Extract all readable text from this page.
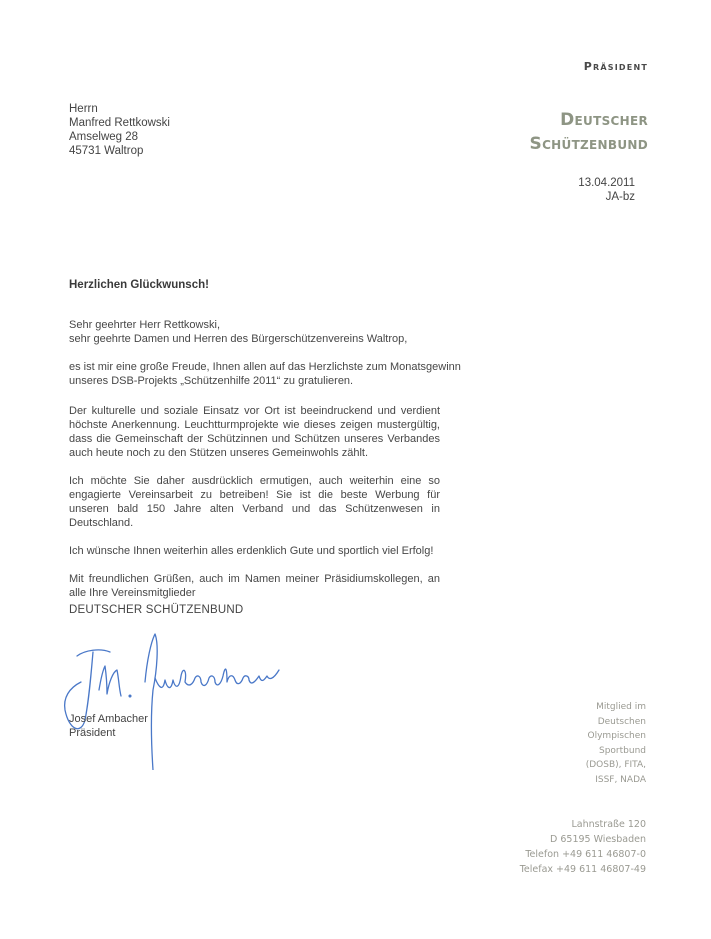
Präsident
Deutscher
Schützenbund
13.04.2011
JA-bz
Herrn
Manfred Rettkowski
Amselweg 28
45731 Waltrop
Herzlichen Glückwunsch!
Sehr geehrter Herr Rettkowski,
sehr geehrte Damen und Herren des Bürgerschützenvereins Waltrop,
es ist mir eine große Freude, Ihnen allen auf das Herzlichste zum Monatsgewinn
unseres DSB-Projekts „Schützenhilfe 2011“ zu gratulieren.

Der kulturelle und soziale Einsatz vor Ort ist beeindruckend und verdient höchste Anerkennung. Leuchtturmprojekte wie dieses zeigen mustergültig, dass die Gemeinschaft der Schützinnen und Schützen unseres Verbandes auch heute noch zu den Stützen unseres Gemeinwohls zählt.

Ich möchte Sie daher ausdrücklich ermutigen, auch weiterhin eine so engagierte Vereinsarbeit zu betreiben! Sie ist die beste Werbung für unseren bald 150 Jahre alten Verband und das Schützenwesen in Deutschland.

Ich wünsche Ihnen weiterhin alles erdenklich Gute und sportlich viel Erfolg!

Mit freundlichen Grüßen, auch im Namen meiner Präsidiumskollegen, an alle Ihre Vereinsmitglieder

DEUTSCHER SCHÜTZENBUND
Josef Ambacher
Präsident
Mitglied im
Deutschen
Olympischen
Sportbund
(DOSB), FITA,
ISSF, NADA
Lahnstraße 120
D 65195 Wiesbaden
Telefon +49 611 46807-0
Telefax +49 611 46807-49
